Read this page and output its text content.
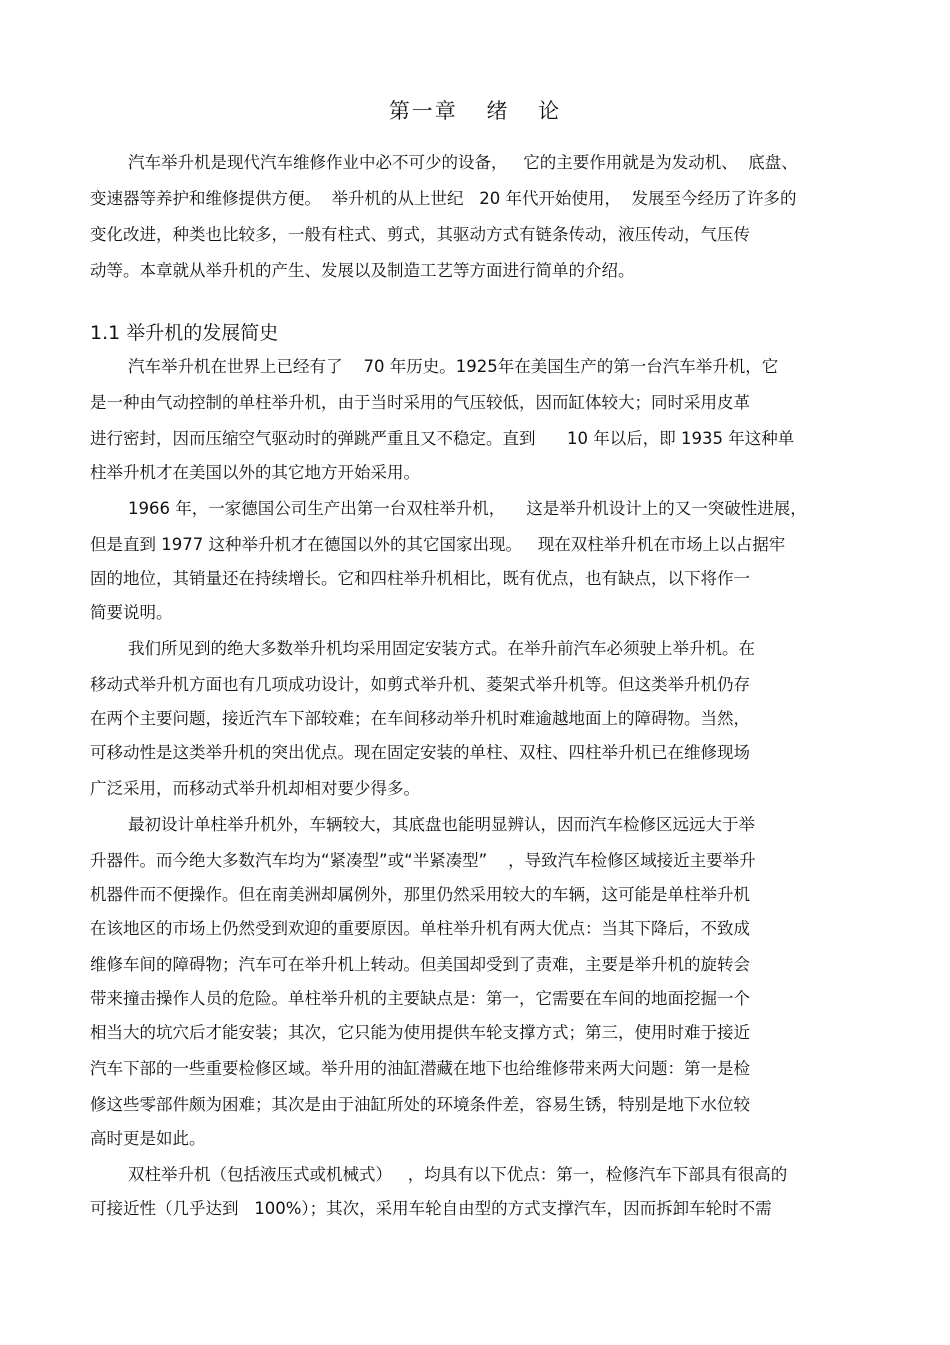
第一章 绪 论
汽车举升机是现代汽车维修作业中必不可少的设备，   它的主要作用就是为发动机、  底盘、
变速器等养护和维修提供方便。  举升机的从上世纪   20 年代开始使用，  发展至今经历了许多的
变化改进，种类也比较多，一般有柱式、剪式，其驱动方式有链条传动，液压传动，气压传
动等。本章就从举升机的产生、发展以及制造工艺等方面进行简单的介绍。
1.1 举升机的发展简史
汽车举升机在世界上已经有了    70 年历史。1925年在美国生产的第一台汽车举升机，它
是一种由气动控制的单柱举升机，由于当时采用的气压较低，因而缸体较大；同时采用皮革
进行密封，因而压缩空气驱动时的弹跳严重且又不稳定。直到      10 年以后，即 1935 年这种单
柱举升机才在美国以外的其它地方开始采用。
1966 年，一家德国公司生产出第一台双柱举升机，    这是举升机设计上的又一突破性进展，
但是直到 1977 这种举升机才在德国以外的其它国家出现。   现在双柱举升机在市场上以占据牢
固的地位，其销量还在持续增长。它和四柱举升机相比，既有优点，也有缺点，以下将作一
简要说明。
我们所见到的绝大多数举升机均采用固定安装方式。在举升前汽车必须驶上举升机。在
移动式举升机方面也有几项成功设计，如剪式举升机、菱架式举升机等。但这类举升机仍存
在两个主要问题，接近汽车下部较难；在车间移动举升机时难逾越地面上的障碍物。当然，
可移动性是这类举升机的突出优点。现在固定安装的单柱、双柱、四柱举升机已在维修现场
广泛采用，而移动式举升机却相对要少得多。
最初设计单柱举升机外，车辆较大，其底盘也能明显辨认，因而汽车检修区远远大于举
升器件。而今绝大多数汽车均为“紧凑型”或“半紧凑型”    ，导致汽车检修区域接近主要举升
机器件而不便操作。但在南美洲却属例外，那里仍然采用较大的车辆，这可能是单柱举升机
在该地区的市场上仍然受到欢迎的重要原因。单柱举升机有两大优点：当其下降后，不致成
维修车间的障碍物；汽车可在举升机上转动。但美国却受到了责难，主要是举升机的旋转会
带来撞击操作人员的危险。单柱举升机的主要缺点是：第一，它需要在车间的地面挖掘一个
相当大的坑穴后才能安装；其次，它只能为使用提供车轮支撑方式；第三，使用时难于接近
汽车下部的一些重要检修区域。举升用的油缸潜藏在地下也给维修带来两大问题：第一是检
修这些零部件颇为困难；其次是由于油缸所处的环境条件差，容易生锈，特别是地下水位较
高时更是如此。
双柱举升机（包括液压式或机械式）   ，均具有以下优点：第一，检修汽车下部具有很高的
可接近性（几乎达到   100%）；其次，采用车轮自由型的方式支撑汽车，因而拆卸车轮时不需
